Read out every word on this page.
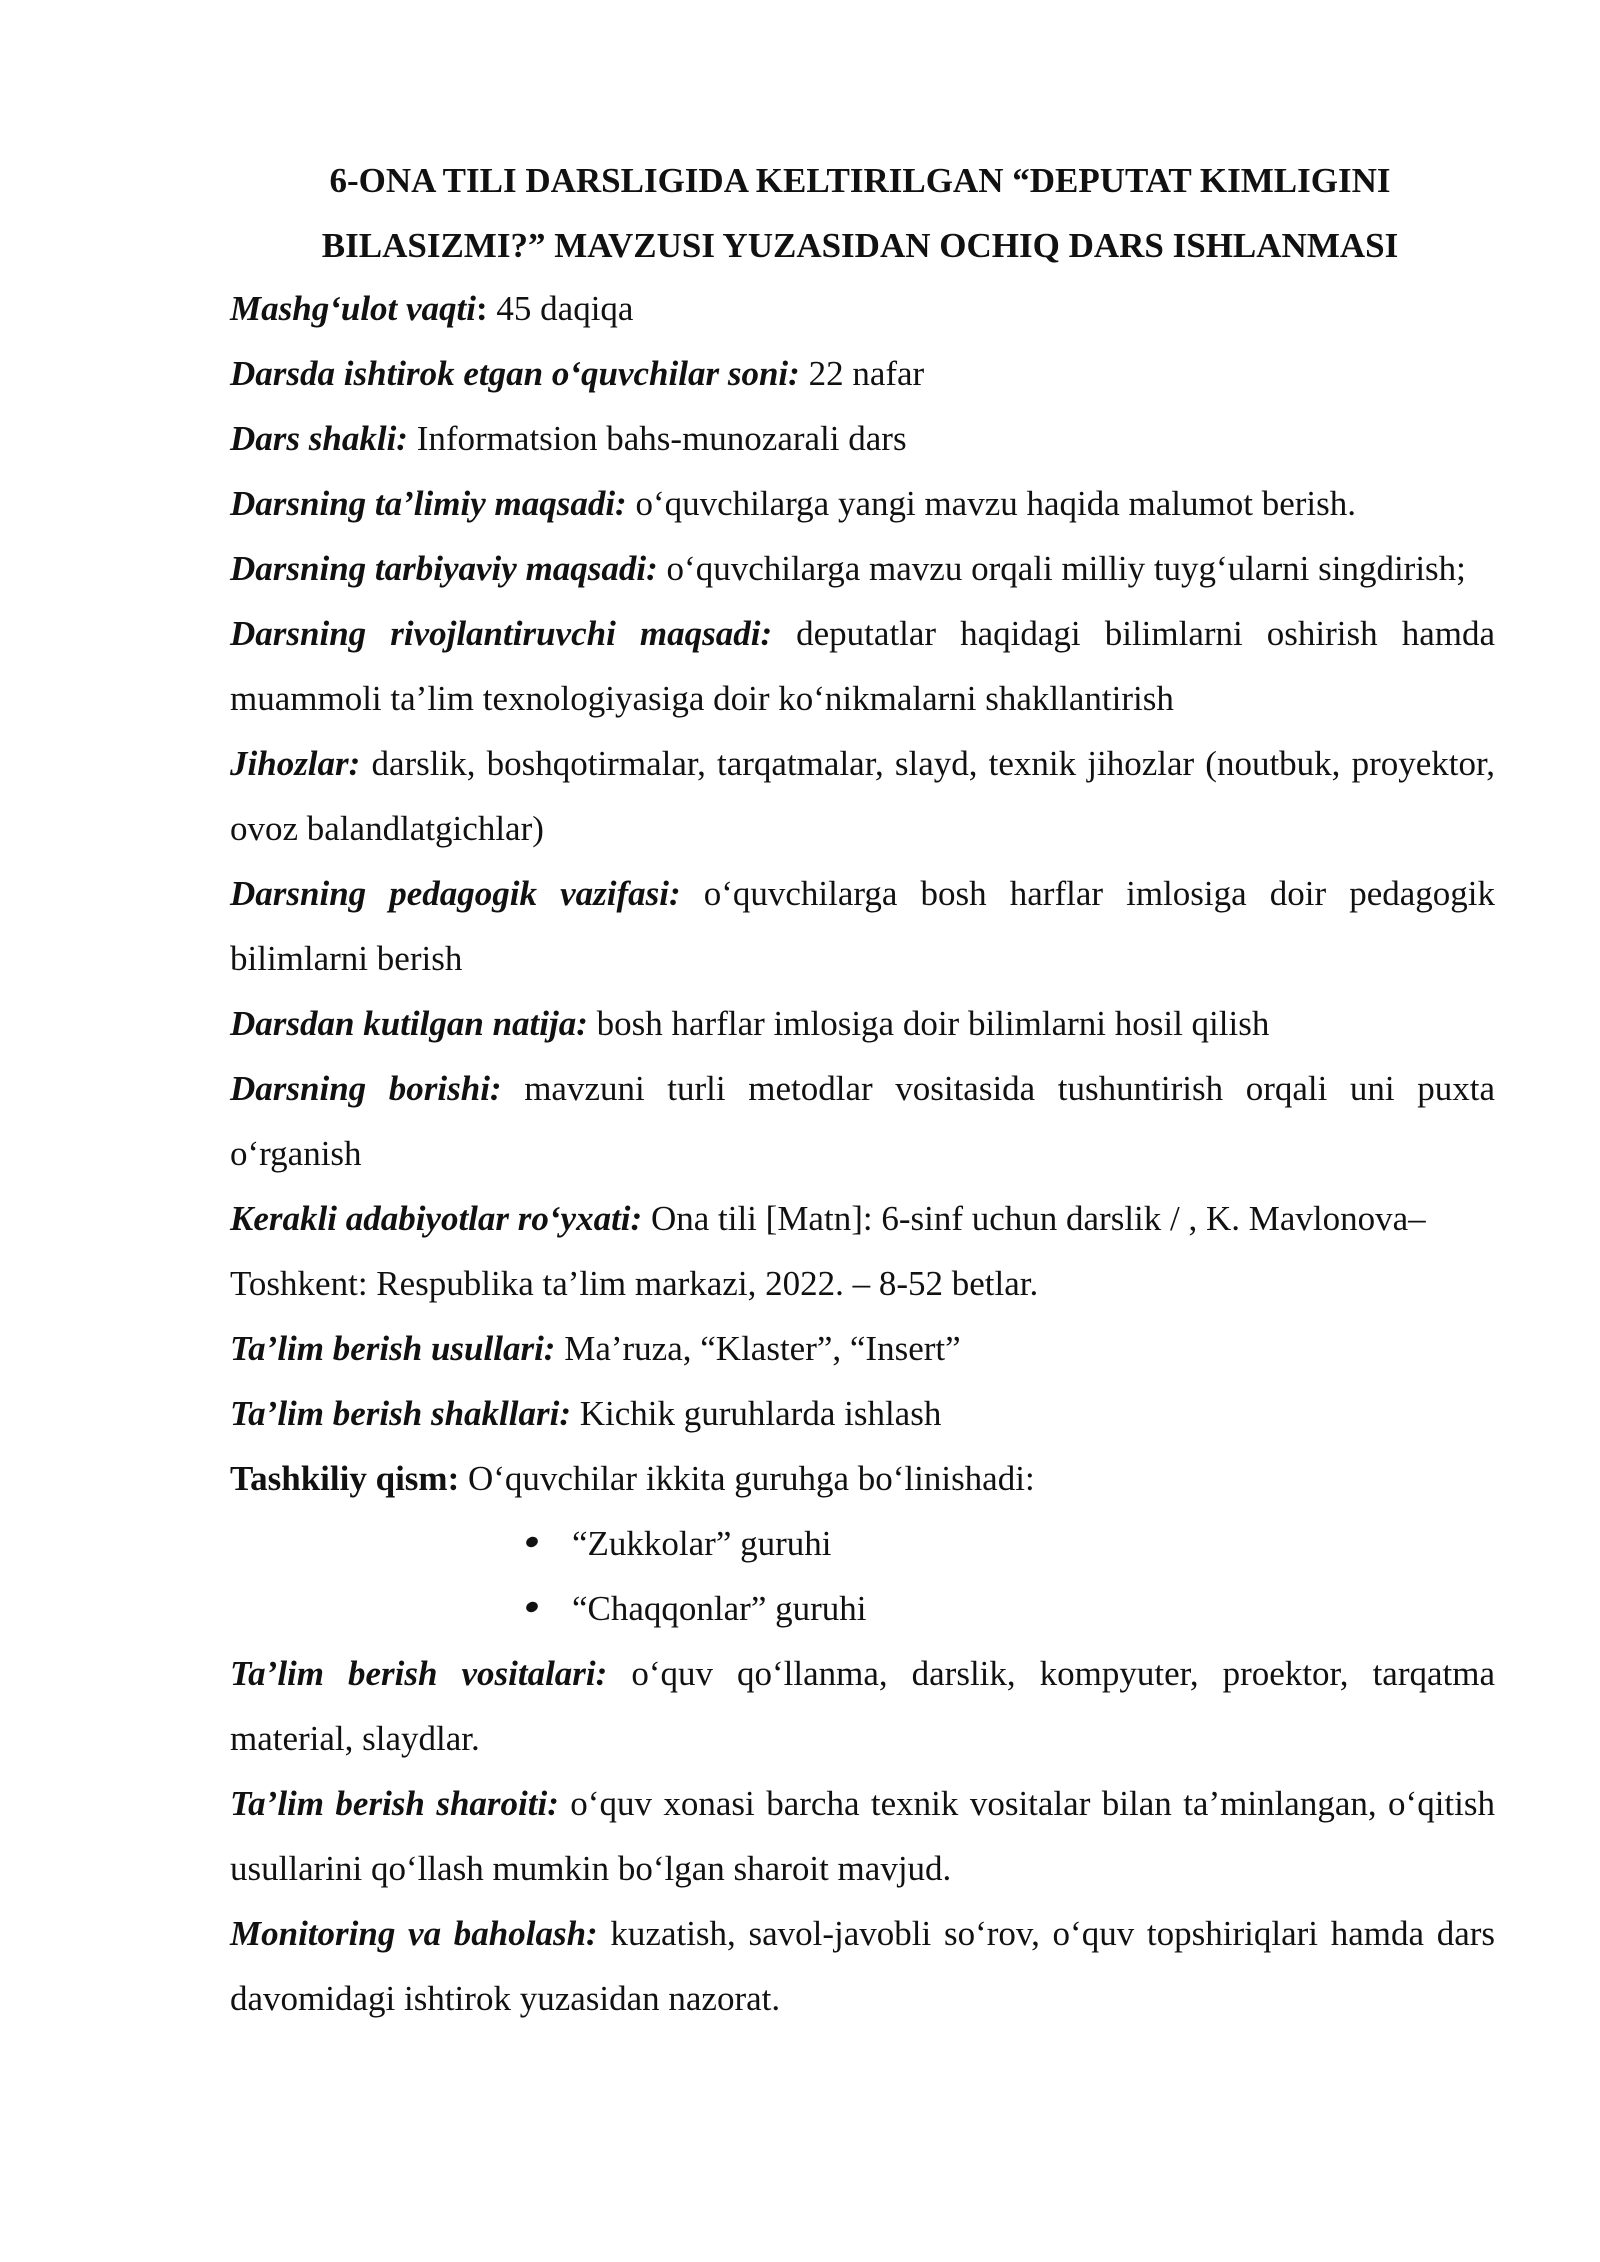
6-ONA TILI DARSLIGIDA KELTIRILGAN “DEPUTAT KIMLIGINI
BILASIZMI?” MAVZUSI YUZASIDAN OCHIQ DARS ISHLANMASI

Mashg‘ulot vaqti: 45 daqiqa

Darsda ishtirok etgan o‘quvchilar soni: 22 nafar

Dars shakli: Informatsion bahs-munozarali dars

Darsning ta’limiy maqsadi: o‘quvchilarga yangi mavzu haqida malumot berish.

Darsning tarbiyaviy maqsadi: o‘quvchilarga mavzu orqali milliy tuyg‘ularni singdirish;

Darsning rivojlantiruvchi maqsadi: deputatlar haqidagi bilimlarni oshirish hamda muammoli ta’lim texnologiyasiga doir ko‘nikmalarni shakllantirish

Jihozlar: darslik, boshqotirmalar, tarqatmalar, slayd, texnik jihozlar (noutbuk, proyektor, ovoz balandlatgichlar)

Darsning pedagogik vazifasi: o‘quvchilarga bosh harflar imlosiga doir pedagogik bilimlarni berish

Darsdan kutilgan natija: bosh harflar imlosiga doir bilimlarni hosil qilish

Darsning borishi: mavzuni turli metodlar vositasida tushuntirish orqali uni puxta o‘rganish

Kerakli adabiyotlar ro‘yxati: Ona tili [Matn]: 6-sinf uchun darslik / , K. Mavlonova–
Toshkent: Respublika ta’lim markazi, 2022. – 8-52 betlar.

Ta’lim berish usullari: Ma’ruza, “Klaster”, “Insert”

Ta’lim berish shakllari: Kichik guruhlarda ishlash

Tashkiliy qism: O‘quvchilar ikkita guruhga bo‘linishadi:

“Zukkolar” guruhi
“Chaqqonlar” guruhi

Ta’lim berish vositalari: o‘quv qo‘llanma, darslik, kompyuter, proektor, tarqatma material, slaydlar.

Ta’lim berish sharoiti: o‘quv xonasi barcha texnik vositalar bilan ta’minlangan, o‘qitish usullarini qo‘llash mumkin bo‘lgan sharoit mavjud.

Monitoring va baholash: kuzatish, savol-javobli so‘rov, o‘quv topshiriqlari hamda dars davomidagi ishtirok yuzasidan nazorat.
